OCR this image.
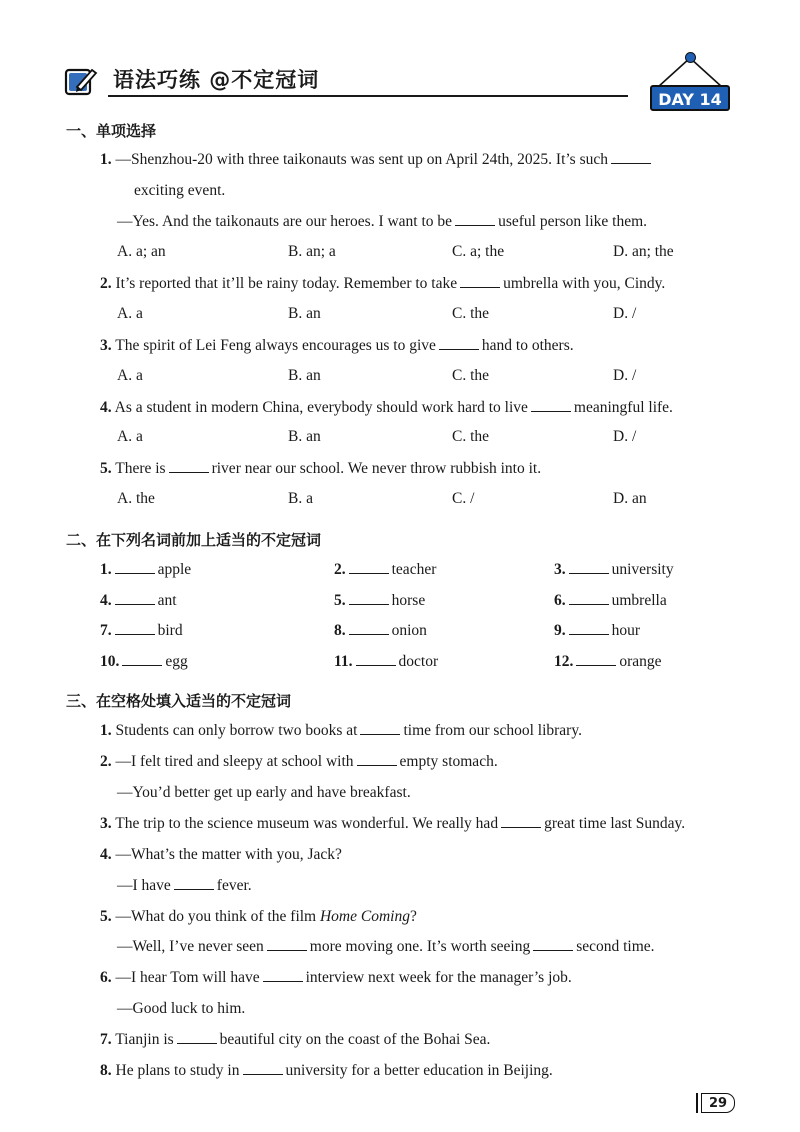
语法巧练 @不定冠词
DAY 14
一、单项选择
1. —Shenzhou-20 with three taikonauts was sent up on April 24th, 2025. It’s such
exciting event.
—Yes. And the taikonauts are our heroes. I want to be	useful person like them.
A. a; an	B. an; a	C. a; the	D. an; the
2. It’s reported that it’ll be rainy today. Remember to take	umbrella with you, Cindy.
A. a	B. an	C. the	D. /
3. The spirit of Lei Feng always encourages us to give	hand to others.
A. a	B. an	C. the	D. /
4. As a student in modern China, everybody should work hard to live	meaningful life.
A. a	B. an	C. the	D. /
5. There is	river near our school. We never throw rubbish into it.
A. the	B. a	C. /	D. an
二、在下列名词前加上适当的不定冠词
1.	apple	2.	teacher	3.	university
4.	ant	5.	horse	6.	umbrella
7.	bird	8.	onion	9.	hour
10.	egg	11.	doctor	12.	orange
三、在空格处填入适当的不定冠词
1. Students can only borrow two books at	time from our school library.
2. —I felt tired and sleepy at school with	empty stomach.
—You’d better get up early and have breakfast.
3. The trip to the science museum was wonderful. We really had	great time last Sunday.
4. —What’s the matter with you, Jack?
—I have	fever.
5. —What do you think of the film Home Coming?
—Well, I’ve never seen	more moving one. It’s worth seeing	second time.
6. —I hear Tom will have	interview next week for the manager’s job.
—Good luck to him.
7. Tianjin is	beautiful city on the coast of the Bohai Sea.
8. He plans to study in	university for a better education in Beijing.
29
